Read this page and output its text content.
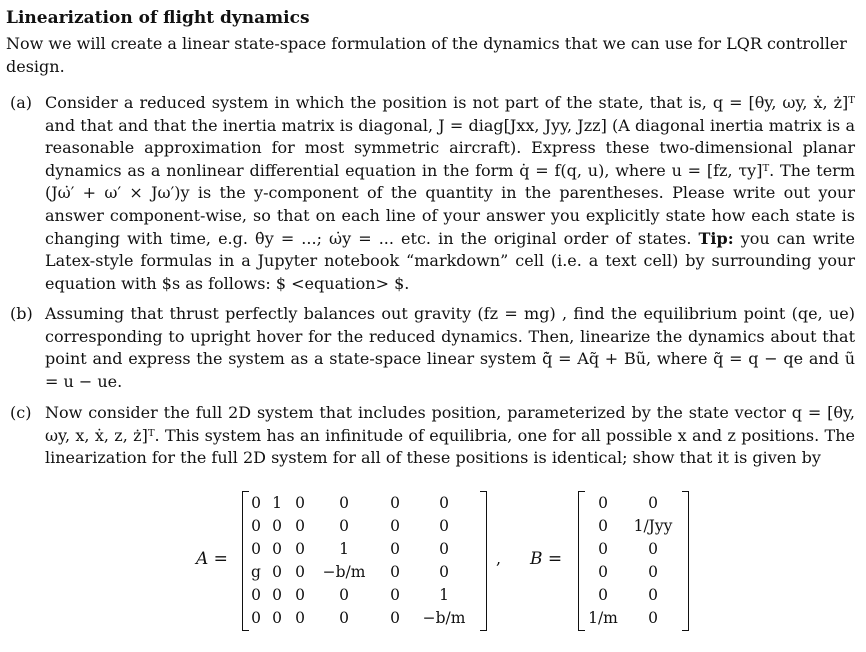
Linearization of flight dynamics
Now we will create a linear state-space formulation of the dynamics that we can use for LQR controller design.
(a) Consider a reduced system in which the position is not part of the state, that is, q = [θy, ωy, ẋ, ż]ᵀ and that and that the inertia matrix is diagonal, J = diag[Jxx, Jyy, Jzz] (A diagonal inertia matrix is a reasonable approximation for most symmetric aircraft). Express these two-dimensional planar dynamics as a nonlinear differential equation in the form q̇ = f(q, u), where u = [fz, τy]ᵀ. The term (Jω̇′ + ω′ × Jω′)y is the y-component of the quantity in the parentheses. Please write out your answer component-wise, so that on each line of your answer you explicitly state how each state is changing with time, e.g. θ̇y = ...; ω̇y = ... etc. in the original order of states. Tip: you can write Latex-style formulas in a Jupyter notebook “markdown” cell (i.e. a text cell) by surrounding your equation with $s as follows: $ <equation> $.
(b) Assuming that thrust perfectly balances out gravity (fz = mg) , find the equilibrium point (qe, ue) corresponding to upright hover for the reduced dynamics. Then, linearize the dynamics about that point and express the system as a state-space linear system q̃̇ = Aq̃ + Bũ, where q̃ = q − qe and ũ = u − ue.
(c) Now consider the full 2D system that includes position, parameterized by the state vector q = [θy, ωy, x, ẋ, z, ż]ᵀ. This system has an infinitude of equilibria, one for all possible x and z positions. The linearization for the full 2D system for all of these positions is identical; show that it is given by
A =
0	1	0	0	0	0
0	0	0	0	0	0
0	0	0	1	0	0
g	0	0	−b/m	0	0
0	0	0	0	0	1
0	0	0	0	0	−b/m
, B =
0	0
0	1/Jyy
0	0
0	0
0	0
1/m	0
